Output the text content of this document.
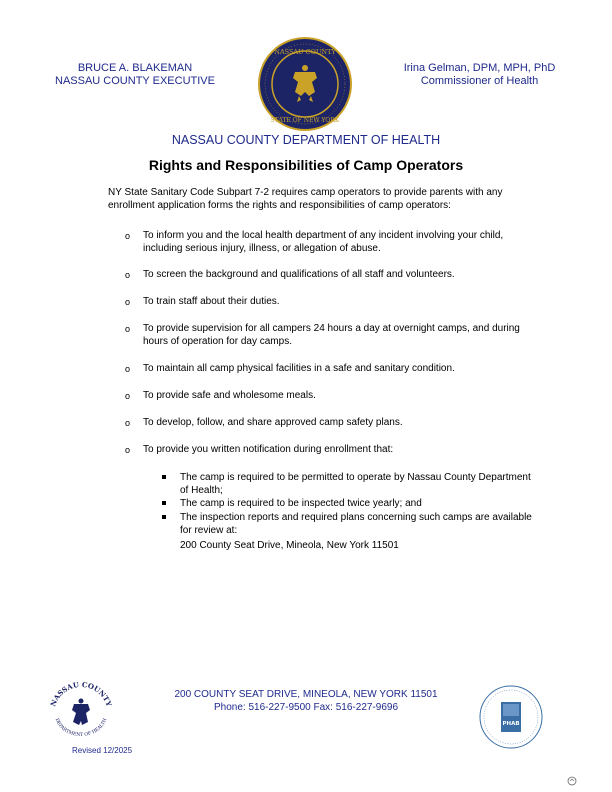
BRUCE A. BLAKEMAN
NASSAU COUNTY EXECUTIVE
NASSAU COUNTY
STATE OF NEW YORK
Irina Gelman, DPM, MPH, PhD
Commissioner of Health
NASSAU COUNTY DEPARTMENT OF HEALTH
Rights and Responsibilities of Camp Operators
NY State Sanitary Code Subpart 7-2 requires camp operators to provide parents with any enrollment application forms the rights and responsibilities of camp operators:
o To inform you and the local health department of any incident involving your child, including serious injury, illness, or allegation of abuse.
o To screen the background and qualifications of all staff and volunteers.
o To train staff about their duties.
o To provide supervision for all campers 24 hours a day at overnight camps, and during hours of operation for day camps.
o To maintain all camp physical facilities in a safe and sanitary condition.
o To provide safe and wholesome meals.
o To develop, follow, and share approved camp safety plans.
o To provide you written notification during enrollment that:
The camp is required to be permitted to operate by Nassau County Department of Health;
The camp is required to be inspected twice yearly; and
The inspection reports and required plans concerning such camps are available for review at:
200 County Seat Drive, Mineola, New York 11501
NASSAU COUNTY
DEPARTMENT OF HEALTH
200 COUNTY SEAT DRIVE, MINEOLA, NEW YORK 11501
Phone: 516-227-9500 Fax: 516-227-9696
PHAB
Revised 12/2025
